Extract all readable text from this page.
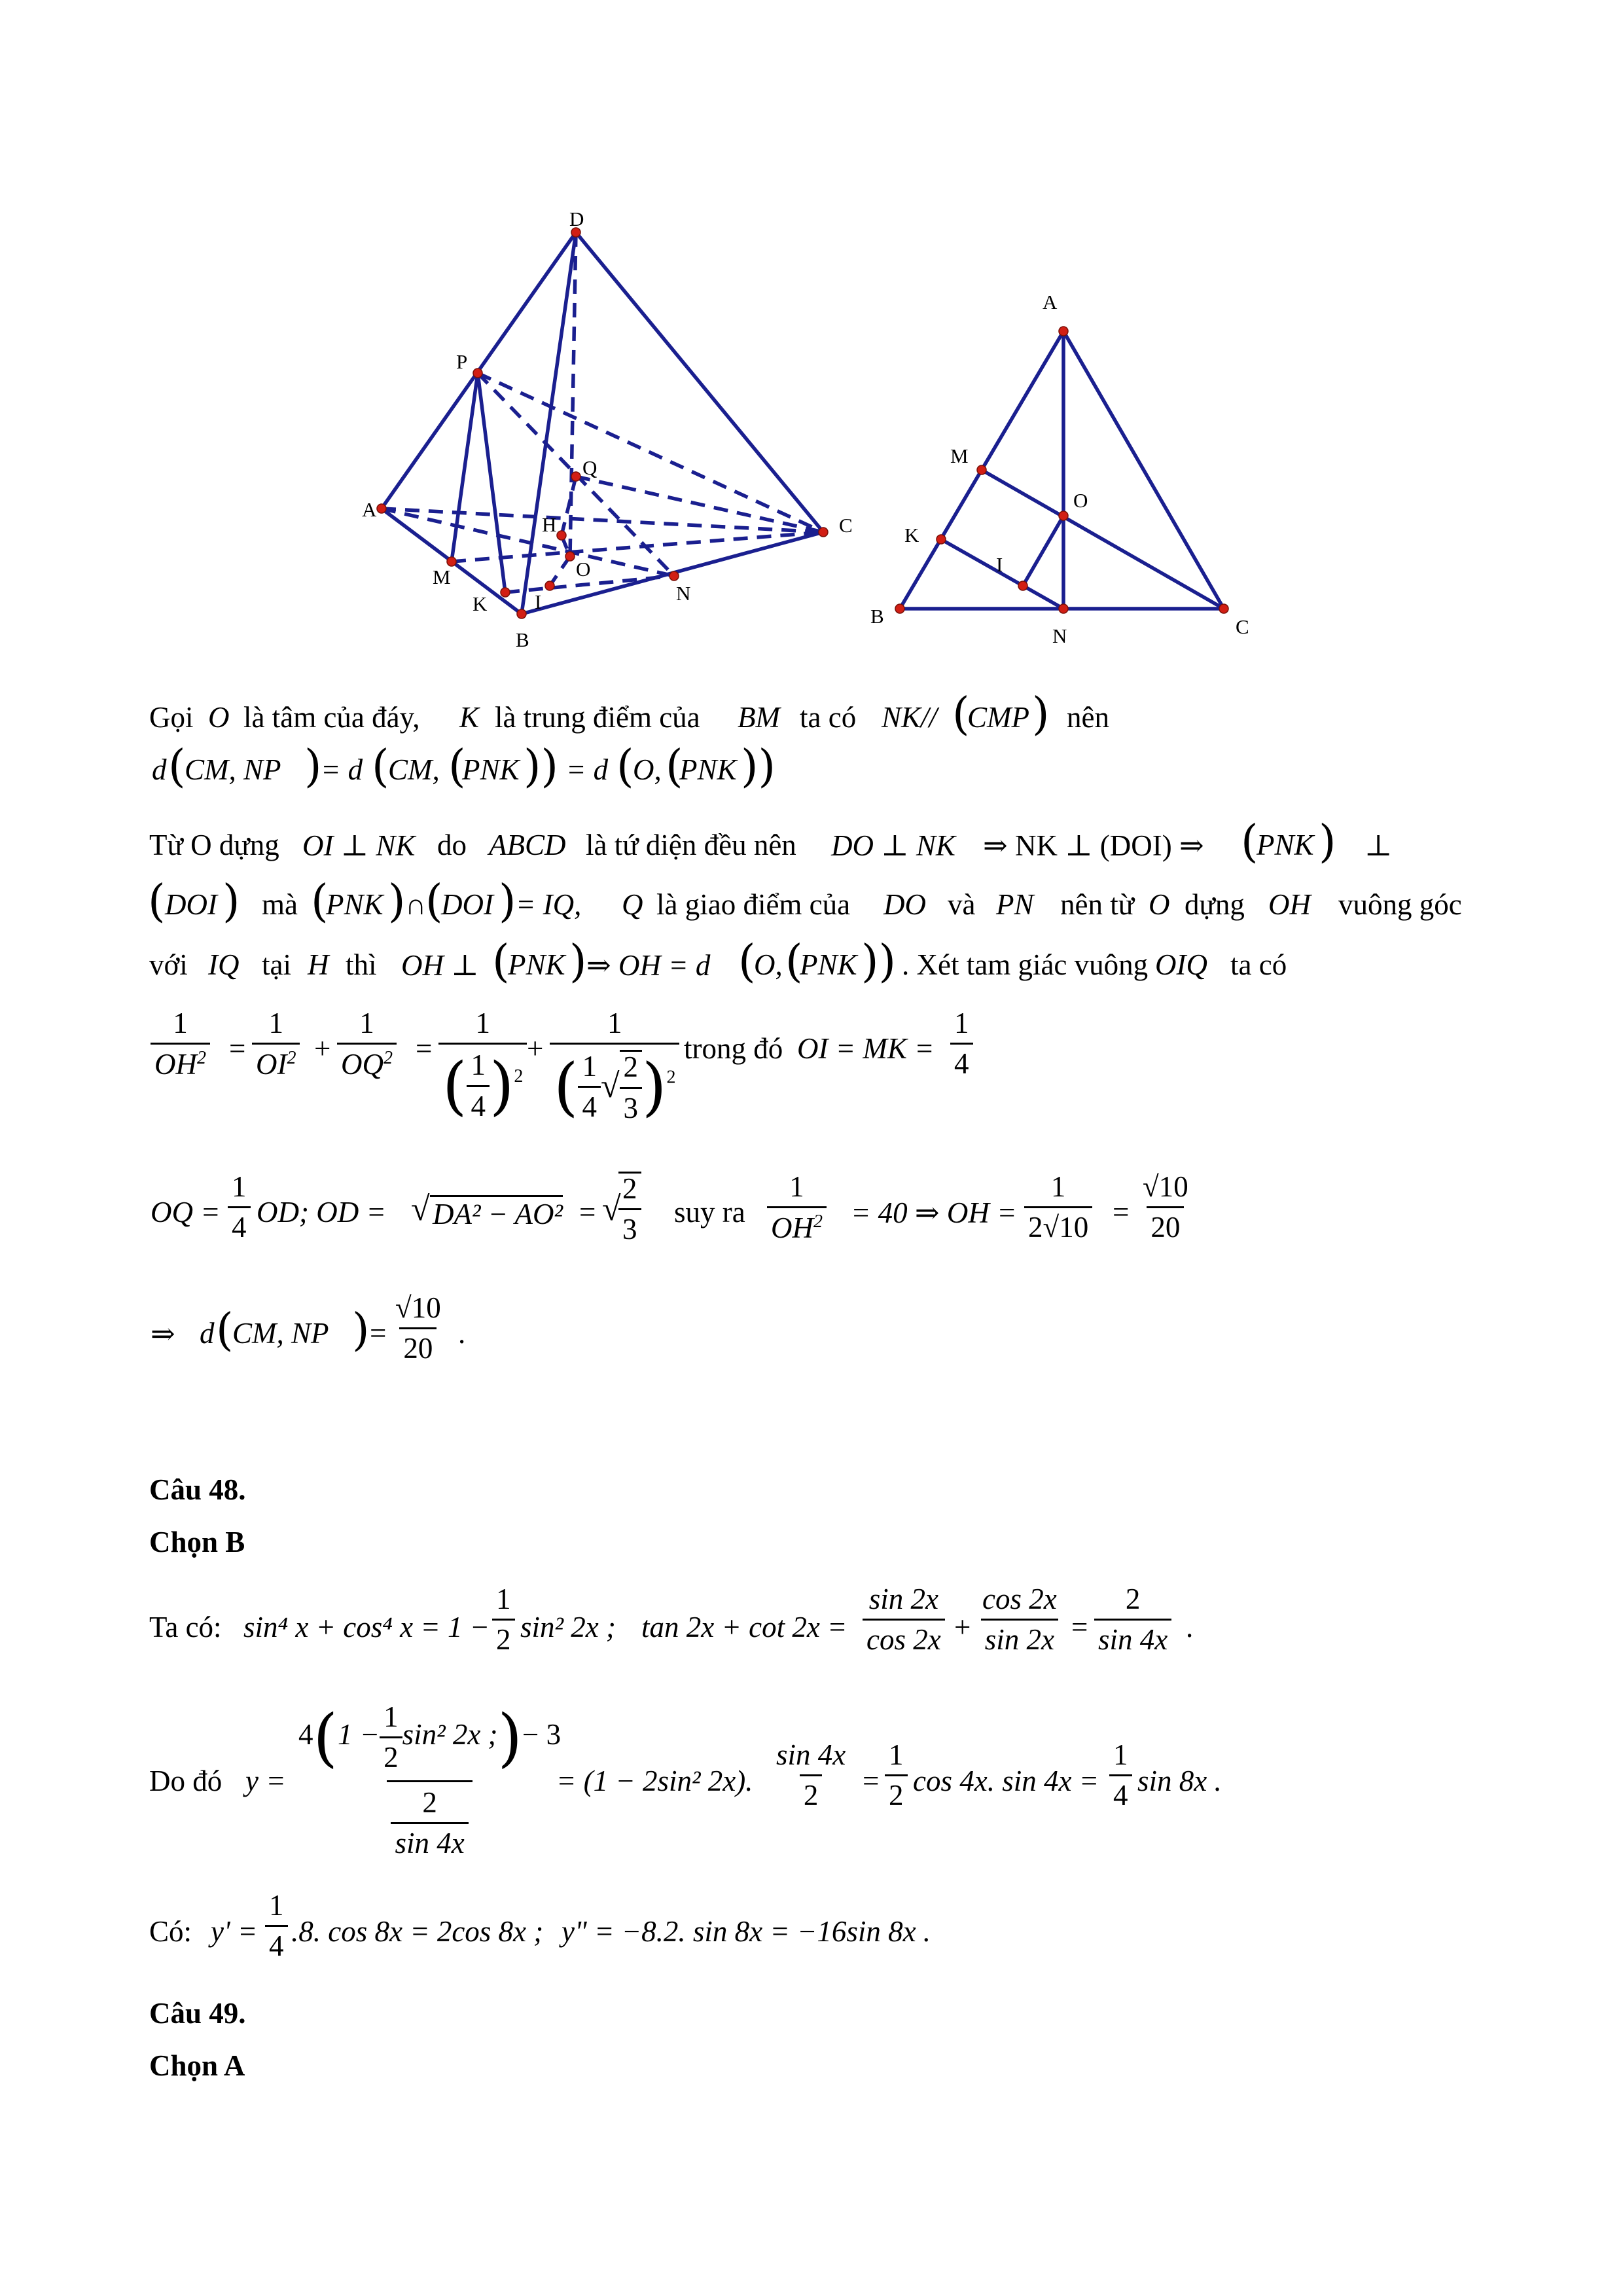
D
P
A
Q
H	C
O
M
I	N
K
B
A
M
O
K
I
B
N	C
Gọi O là tâm của đáy, K là trung điểm của BM ta có NK// (
CMP ) nên
d (
CM, NP )
= d (
CM, (
PNK )) = d (
O, (
PNK ))
Từ O dựng OI ⊥ NK do ABCD là tứ diện đều nên DO ⊥ NK ⇒ NK ⊥ (DOI) ⇒ (
PNK ) ⊥
( DOI ) mà (
PNK ) ∩
(
DOI ) = IQ, Q là giao điểm của DO và PN nên từ O dựng OH vuông góc
với IQ tại H thì OH ⊥ (
PNK ) ⇒ OH = d (
O, (
PNK )) . Xét tam giác vuông OIQ ta có
$\frac{1}{OH^2} = \frac{1}{OI^2} + \frac{1}{OQ^2} = \frac{1}{( \frac{1}{4} )^2} + \frac{1}{( \frac{1}{4} √ \frac{2}{3} )^2}$ trong đó OI = MK = $\frac{1}{4}$
OQ = $\frac{1}{4}$ OD; OD = √ DA² − AO² = √
$\frac{2}{3}$ suy ra $\frac{1}{OH^2} = 40$ ⇒ OH = $\frac{1}{2√10} = \frac{√10}{20}$
⇒ d (
CM, NP ) = $\frac{√10}{20}$ .
Câu 48.
Chọn B
Ta có: sin⁴ x + cos⁴ $x = 1 - \frac{1}{2} \sin^2$ 2x ; $\tan 2x + \cot 2x = \frac{\sin 2x}{\cos 2x} + \frac{\cos 2x}{\sin 2x} = \frac{2}{\sin 4x}$ .
Do đó $y = \frac{4(1 - \frac{1}{2} \sin^2 2x ;)- 3}{\frac{2}{\sin 4x}}$
= (1 − 2sin² 2x). $\frac{\sin 4x}{2} = \frac{1}{2}$ cos 4x. $\sin 4x = \frac{1}{4}$ sin 8x .
Có: $y' = \frac{1}{4} .8$. cos 8x = 2cos 8x ; y" = −8.2. sin 8x = −16sin 8x .
Câu 49.
Chọn A
